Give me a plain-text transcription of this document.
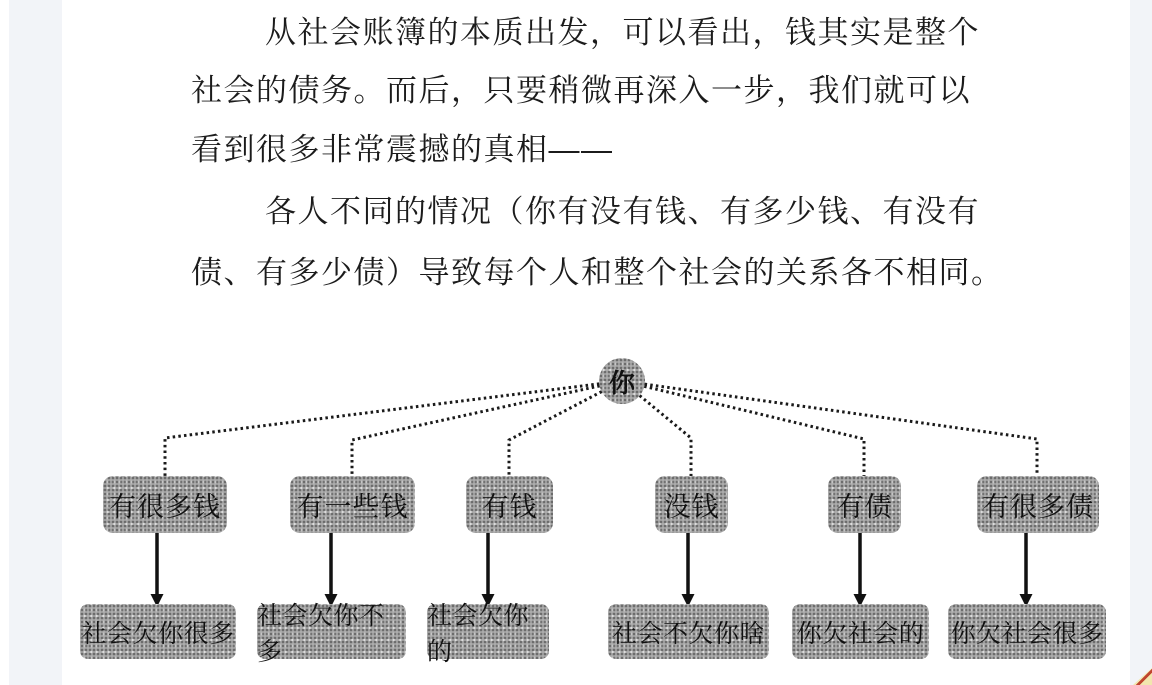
从社会账簿的本质出发，可以看出，钱其实是整个
社会的债务。而后，只要稍微再深入一步，我们就可以
看到很多非常震撼的真相——
各人不同的情况（你有没有钱、有多少钱、有没有
债、有多少债）导致每个人和整个社会的关系各不相同。
你
有很多钱	有一些钱	有钱	没钱	有债	有很多债
社会欠你很多
社会欠你不多
社会欠你的
社会不欠你啥 你欠社会的 你欠社会很多
